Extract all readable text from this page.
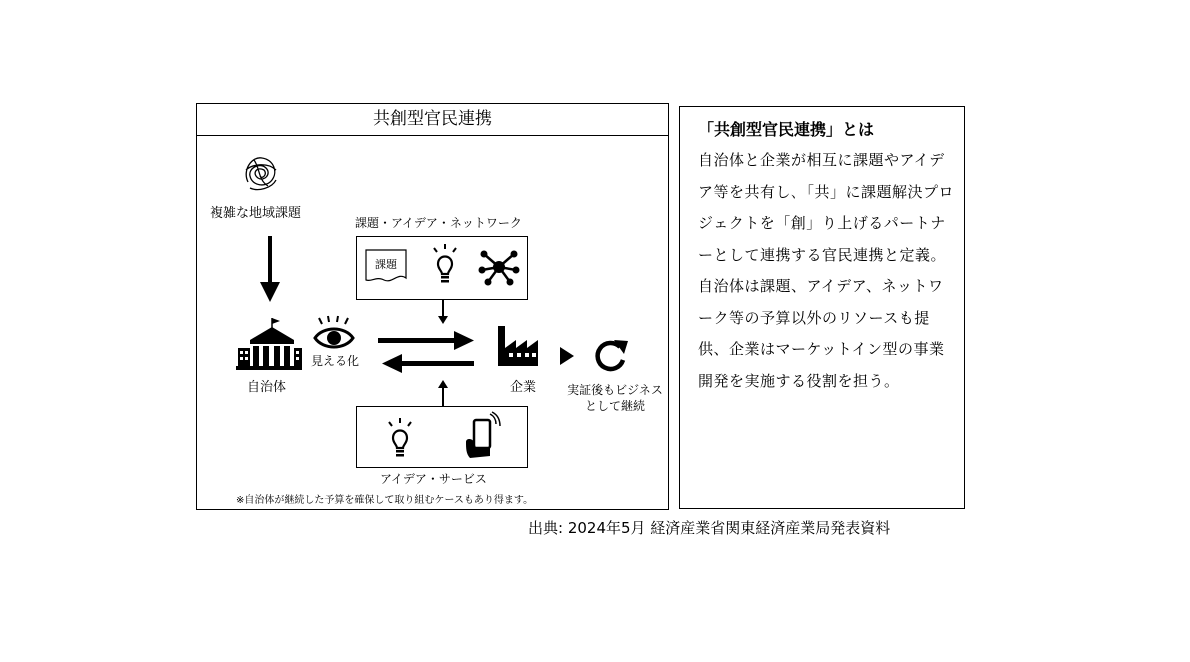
共創型官民連携
複雑な地域課題
自治体
見える化
課題・アイデア・ネットワーク
課題
アイデア・サービス
企業	実証後もビジネスとして継続
※自治体が継続した予算を確保して取り組むケースもあり得ます。
「共創型官民連携」とは
自治体と企業が相互に課題やアイデア等を共有し､「共」に課題解決プロジェクトを「創」り上げるパートナーとして連携する官民連携と定義。
自治体は課題、アイデア、ネットワーク等の予算以外のリソースも提供、企業はマーケットイン型の事業開発を実施する役割を担う。
出典: 2024年5月 経済産業省関東経済産業局発表資料
